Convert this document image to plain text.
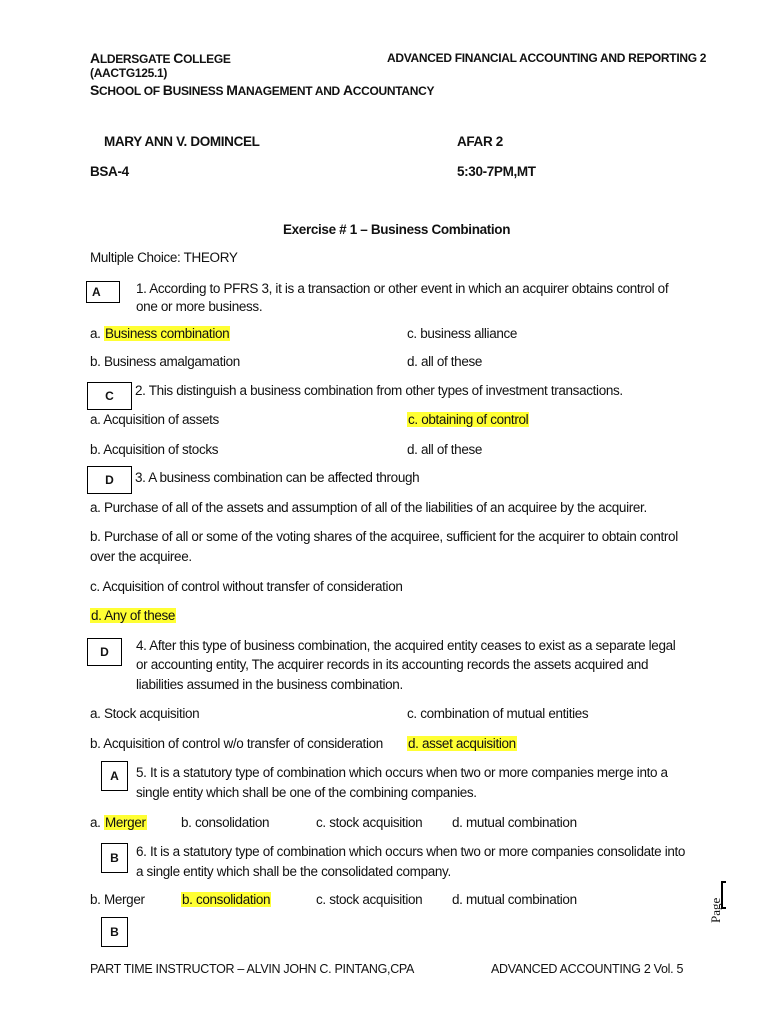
ALDERSGATE COLLEGE
(AACTG125.1)
SCHOOL OF BUSINESS MANAGEMENT AND ACCOUNTANCY
ADVANCED FINANCIAL ACCOUNTING AND REPORTING 2
MARY ANN V. DOMINCEL
BSA-4
AFAR 2
5:30-7PM,MT
Exercise # 1 – Business Combination
Multiple Choice: THEORY
A	1. According to PFRS 3, it is a transaction or other event in which an acquirer obtains control of
one or more business.
a. Business combination	c. business alliance
b. Business amalgamation	d. all of these
C	2. This distinguish a business combination from other types of investment transactions.
a. Acquisition of assets	c. obtaining of control
b. Acquisition of stocks	d. all of these
D	3. A business combination can be affected through
a. Purchase of all of the assets and assumption of all of the liabilities of an acquiree by the acquirer.
b. Purchase of all or some of the voting shares of the acquiree, sufficient for the acquirer to obtain control
over the acquiree.
c. Acquisition of control without transfer of consideration
d. Any of these
D	4. After this type of business combination, the acquired entity ceases to exist as a separate legal
or accounting entity, The acquirer records in its accounting records the assets acquired and
liabilities assumed in the business combination.
a. Stock acquisition	c. combination of mutual entities
b. Acquisition of control w/o transfer of consideration d. asset acquisition
A	5. It is a statutory type of combination which occurs when two or more companies merge into a
single entity which shall be one of the combining companies.
a. Merger	b. consolidation	c. stock acquisition d. mutual combination
B	6. It is a statutory type of combination which occurs when two or more companies consolidate into
a single entity which shall be the consolidated company.
b. Merger	b. consolidation	c. stock acquisition d. mutual combination
B
Page
PART TIME INSTRUCTOR – ALVIN JOHN C. PINTANG,CPA	ADVANCED ACCOUNTING 2 Vol. 5
